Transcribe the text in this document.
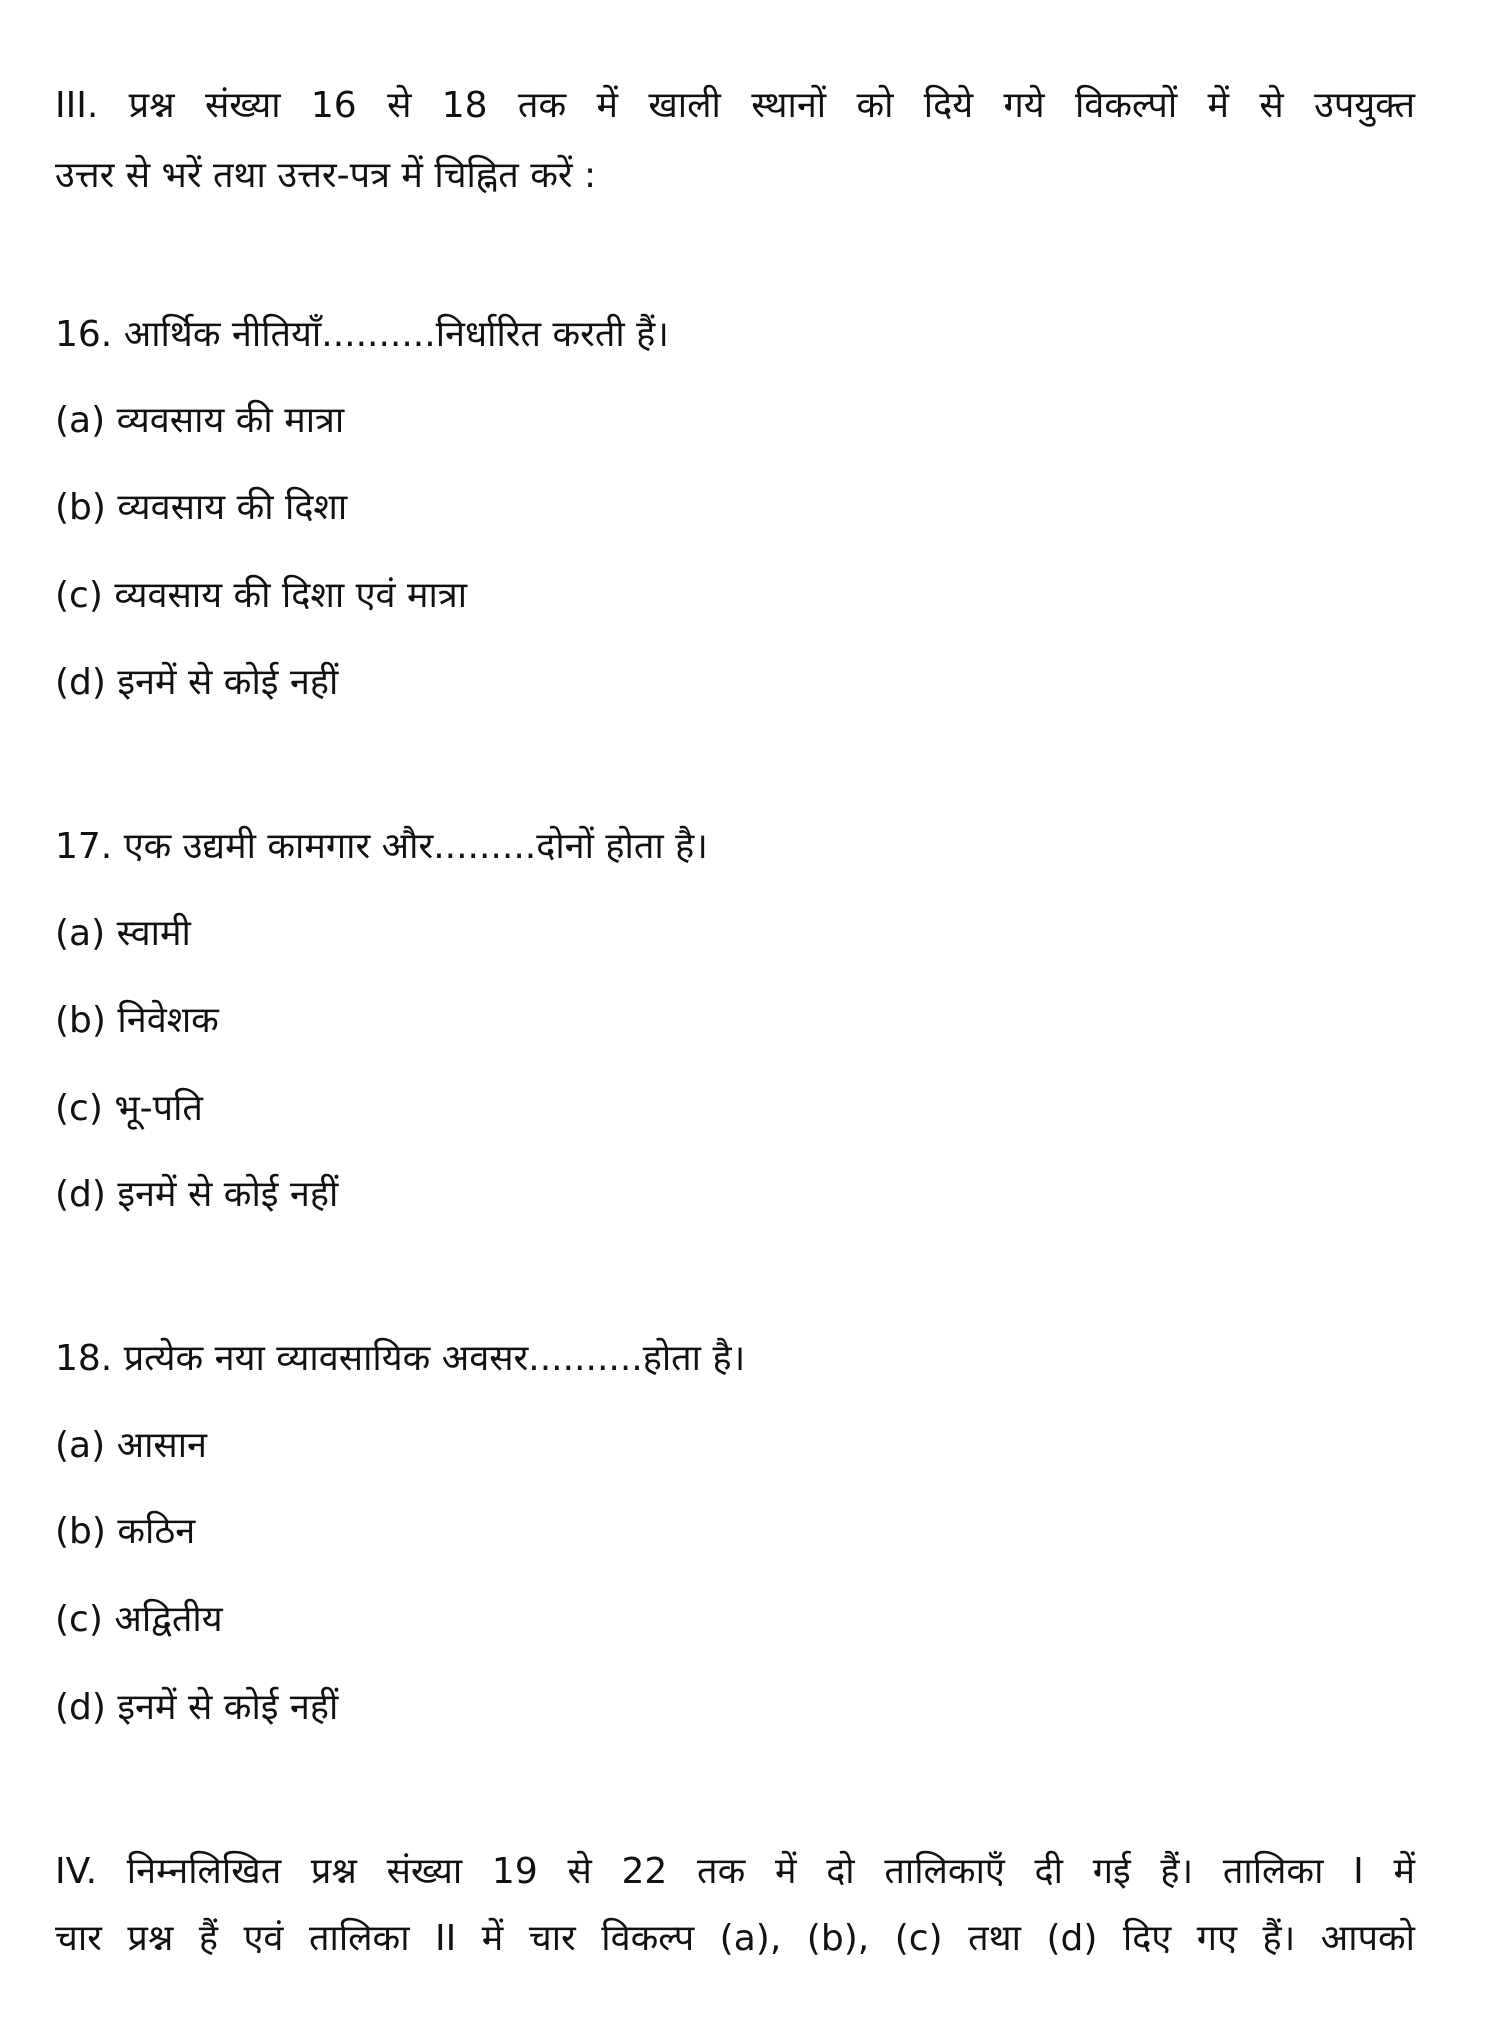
III. प्रश्न संख्या 16 से 18 तक में खाली स्थानों को दिये गये विकल्पों में से उपयुक्त

उत्तर से भरें तथा उत्तर-पत्र में चिह्नित करें :

16. आर्थिक नीतियाँ..........निर्धारित करती हैं।

(a) व्यवसाय की मात्रा

(b) व्यवसाय की दिशा

(c) व्यवसाय की दिशा एवं मात्रा

(d) इनमें से कोई नहीं

17. एक उद्यमी कामगार और.........दोनों होता है।

(a) स्वामी

(b) निवेशक

(c) भू-पति

(d) इनमें से कोई नहीं

18. प्रत्येक नया व्यावसायिक अवसर..........होता है।

(a) आसान

(b) कठिन

(c) अद्वितीय

(d) इनमें से कोई नहीं

IV. निम्नलिखित प्रश्न संख्या 19 से 22 तक में दो तालिकाएँ दी गई हैं। तालिका I में

चार प्रश्न हैं एवं तालिका II में चार विकल्प (a), (b), (c) तथा (d) दिए गए हैं। आपको
